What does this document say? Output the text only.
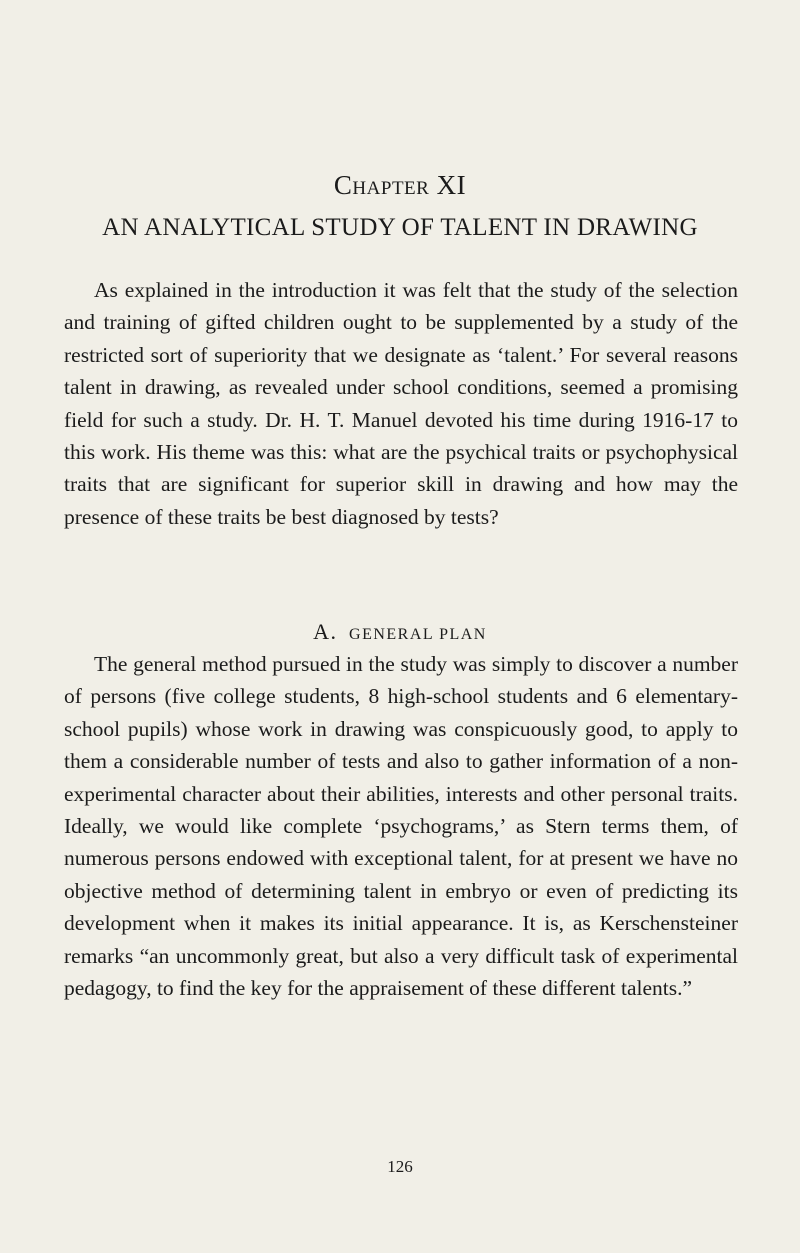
Chapter XI
AN ANALYTICAL STUDY OF TALENT IN DRAWING
As explained in the introduction it was felt that the study of the selection and training of gifted children ought to be supplemented by a study of the restricted sort of superiority that we designate as ‘talent.’ For several reasons talent in drawing, as revealed under school conditions, seemed a promising field for such a study. Dr. H. T. Manuel devoted his time during 1916-17 to this work. His theme was this: what are the psychical traits or psychophysical traits that are significant for superior skill in drawing and how may the presence of these traits be best diagnosed by tests?
A. GENERAL PLAN
The general method pursued in the study was simply to discover a number of persons (five college students, 8 high-school students and 6 elementary-school pupils) whose work in drawing was conspicuously good, to apply to them a considerable number of tests and also to gather information of a non-experimental character about their abilities, interests and other personal traits. Ideally, we would like complete ‘psychograms,’ as Stern terms them, of numerous persons endowed with exceptional talent, for at present we have no objective method of determining talent in embryo or even of predicting its development when it makes its initial appearance. It is, as Kerschensteiner remarks “an uncommonly great, but also a very difficult task of experimental pedagogy, to find the key for the appraisement of these different talents.”
126
